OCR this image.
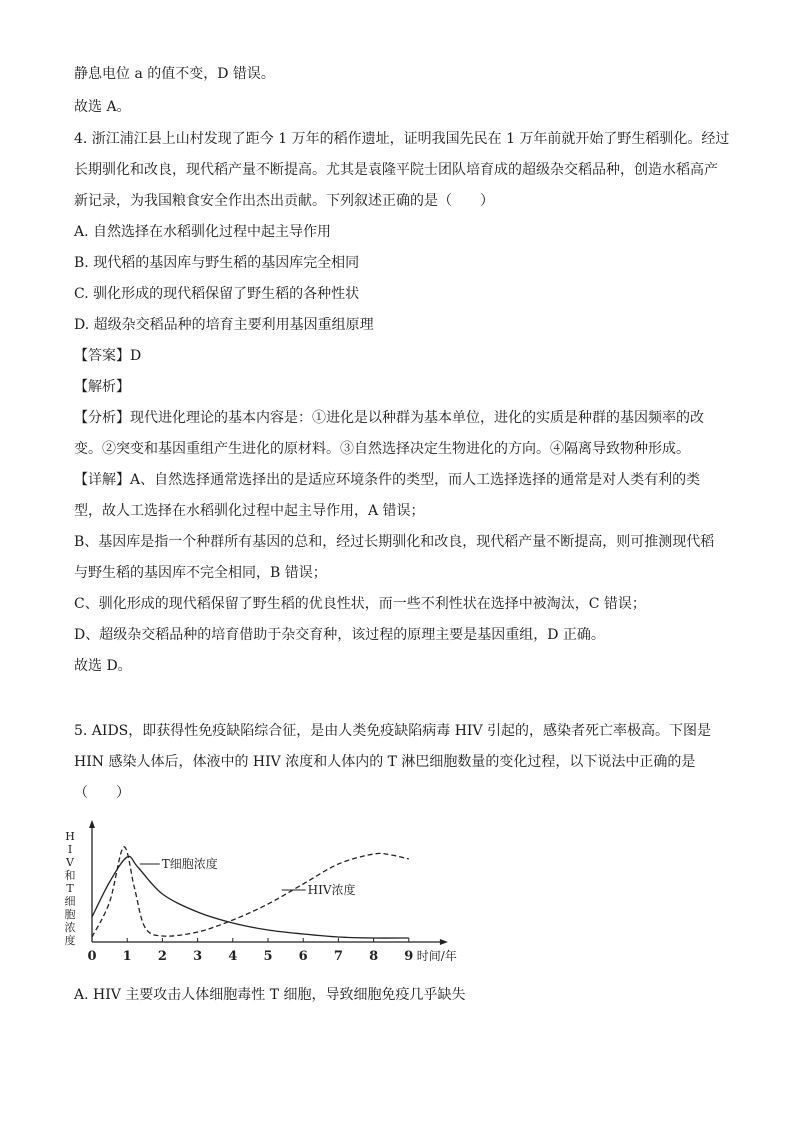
静息电位 a 的值不变，D 错误。
故选 A。
4. 浙江浦江县上山村发现了距今 1 万年的稻作遗址，证明我国先民在 1 万年前就开始了野生稻驯化。经过
长期驯化和改良，现代稻产量不断提高。尤其是袁隆平院士团队培育成的超级杂交稻品种，创造水稻高产
新记录，为我国粮食安全作出杰出贡献。下列叙述正确的是（　　）
A. 自然选择在水稻驯化过程中起主导作用
B. 现代稻的基因库与野生稻的基因库完全相同
C. 驯化形成的现代稻保留了野生稻的各种性状
D. 超级杂交稻品种的培育主要利用基因重组原理
【答案】D
【解析】
【分析】现代进化理论的基本内容是：①进化是以种群为基本单位，进化的实质是种群的基因频率的改
变。②突变和基因重组产生进化的原材料。③自然选择决定生物进化的方向。④隔离导致物种形成。
【详解】A、自然选择通常选择出的是适应环境条件的类型，而人工选择选择的通常是对人类有利的类
型，故人工选择在水稻驯化过程中起主导作用，A 错误；
B、基因库是指一个种群所有基因的总和，经过长期驯化和改良，现代稻产量不断提高，则可推测现代稻
与野生稻的基因库不完全相同，B 错误；
C、驯化形成的现代稻保留了野生稻的优良性状，而一些不利性状在选择中被淘汰，C 错误；
D、超级杂交稻品种的培育借助于杂交育种，该过程的原理主要是基因重组，D 正确。
故选 D。
5. AIDS，即获得性免疫缺陷综合征，是由人类免疫缺陷病毒 HIV 引起的，感染者死亡率极高。下图是
HIN 感染人体后，体液中的 HIV 浓度和人体内的 T 淋巴细胞数量的变化过程，以下说法中正确的是
（　　）
0 1 2 3 4 5 6 7 8 9 时间/年
H
I
V
和
T
细
胞
浓
度
T细胞浓度
HIV浓度
A. HIV 主要攻击人体细胞毒性 T 细胞，导致细胞免疫几乎缺失
